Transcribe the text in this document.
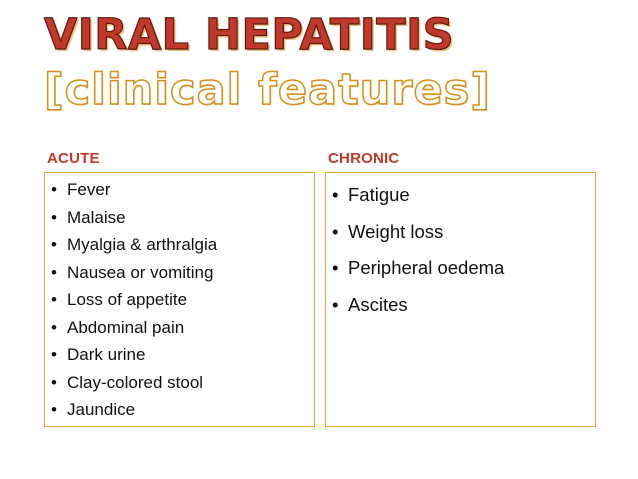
VIRAL HEPATITIS [clinical features]
ACUTE	CHRONIC
• Fever
• Malaise
• Myalgia & arthralgia
• Nausea or vomiting
• Loss of appetite
• Abdominal pain
• Dark urine
• Clay-colored stool
• Jaundice
• Fatigue
• Weight loss
• Peripheral oedema
• Ascites
